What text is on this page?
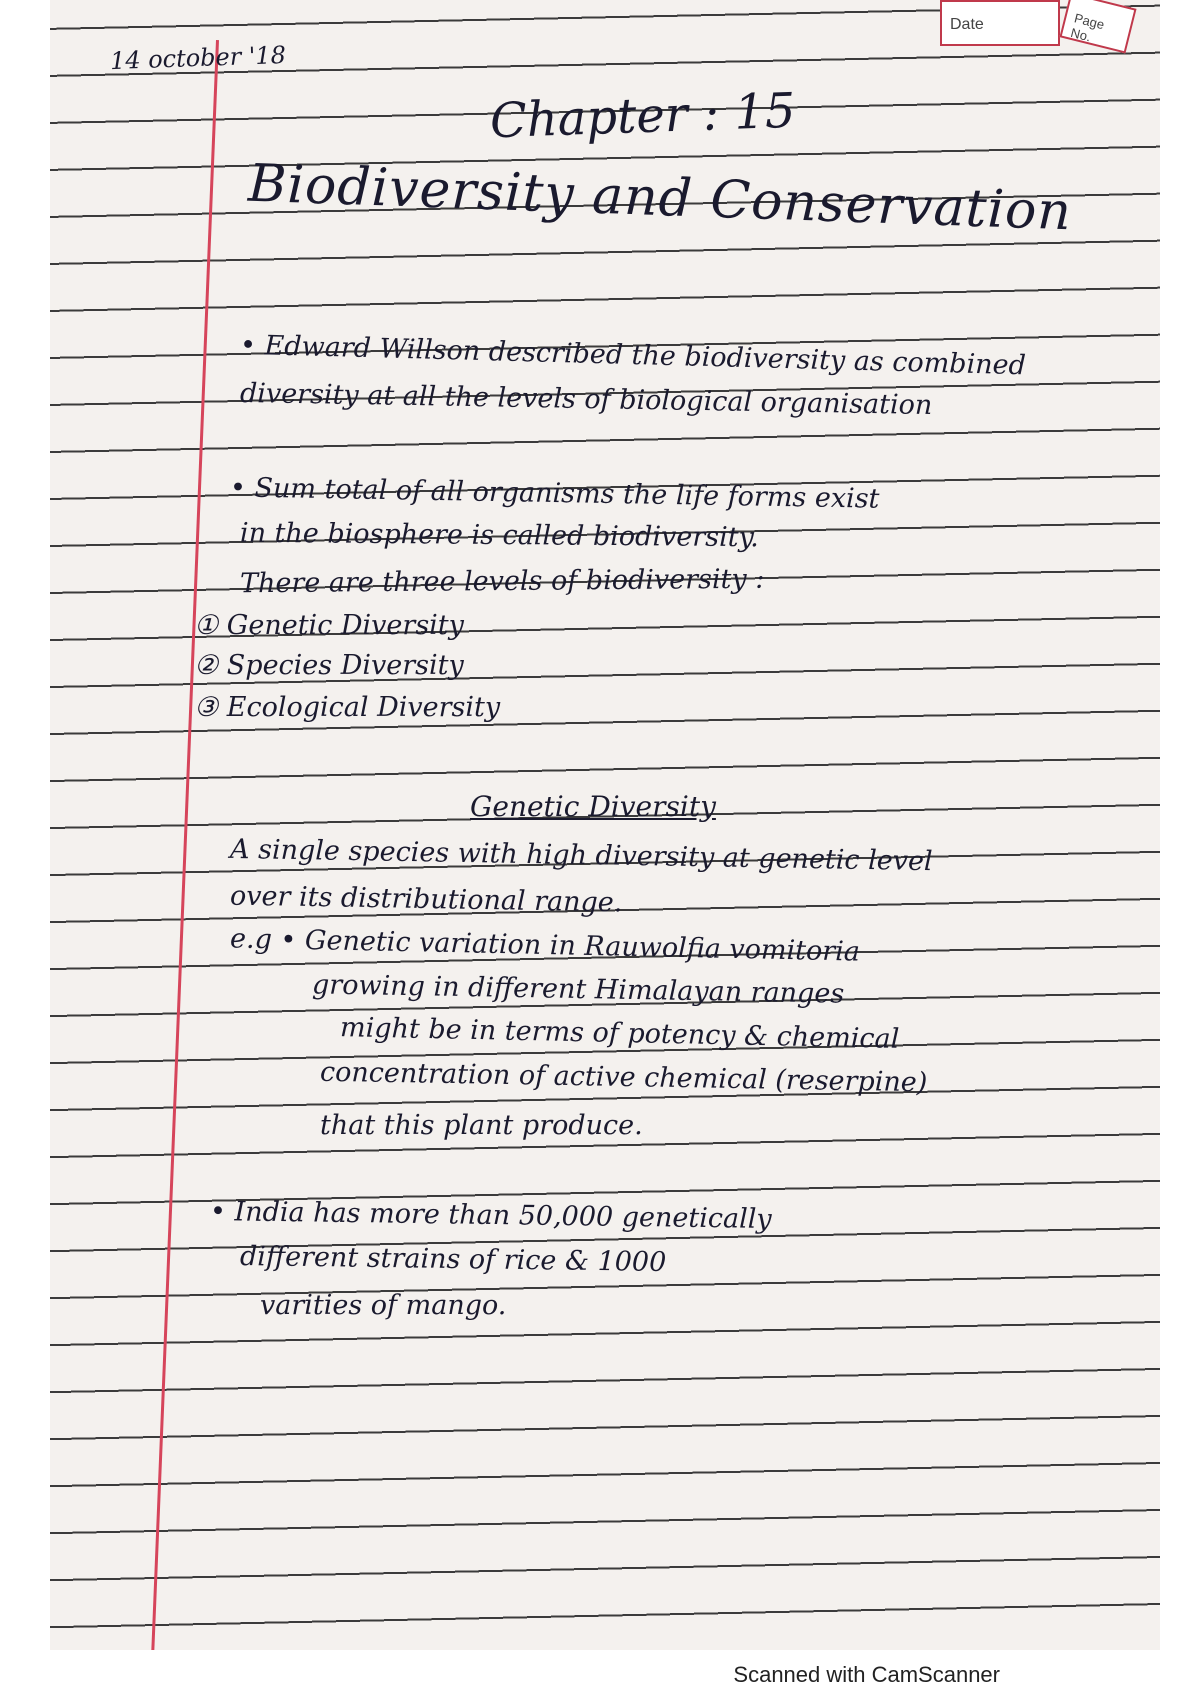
Date	Page No.
14 october '18
Chapter : 15
Biodiversity and Conservation
• Edward Willson described the biodiversity as combined
diversity at all the levels of biological organisation
• Sum total of all organisms the life forms exist
in the biosphere is called biodiversity.
There are three levels of biodiversity :
① Genetic Diversity
② Species Diversity
③ Ecological Diversity
Genetic Diversity
A single species with high diversity at genetic level
over its distributional range.
e.g • Genetic variation in Rauwolfia vomitoria
growing in different Himalayan ranges
might be in terms of potency & chemical
concentration of active chemical (reserpine)
that this plant produce.
• India has more than 50,000 genetically
different strains of rice & 1000
varities of mango.
Scanned with CamScanner
